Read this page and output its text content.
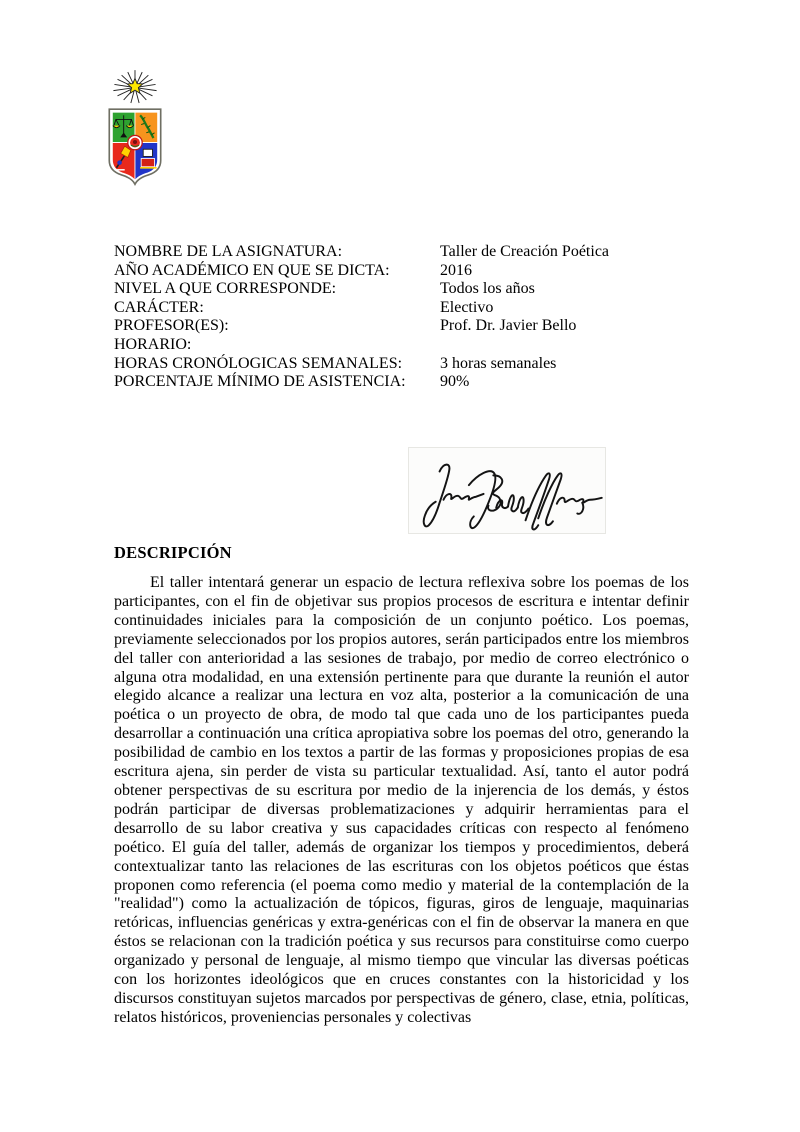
NOMBRE DE LA ASIGNATURA:	Taller de Creación Poética
AÑO ACADÉMICO EN QUE SE DICTA:	2016
NIVEL A QUE CORRESPONDE:	Todos los años
CARÁCTER:	Electivo
PROFESOR(ES):	Prof. Dr. Javier Bello
HORARIO:
HORAS CRONÓLOGICAS SEMANALES:	3 horas semanales
PORCENTAJE MÍNIMO DE ASISTENCIA:	90%
DESCRIPCIÓN

El taller intentará generar un espacio de lectura reflexiva sobre los poemas de los participantes, con el fin de objetivar sus propios procesos de escritura e intentar definir continuidades iniciales para la composición de un conjunto poético. Los poemas, previamente seleccionados por los propios autores, serán participados entre los miembros del taller con anterioridad a las sesiones de trabajo, por medio de correo electrónico o alguna otra modalidad, en una extensión pertinente para que durante la reunión el autor elegido alcance a realizar una lectura en voz alta, posterior a la comunicación de una poética o un proyecto de obra, de modo tal que cada uno de los participantes pueda desarrollar a continuación una crítica apropiativa sobre los poemas del otro, generando la posibilidad de cambio en los textos a partir de las formas y proposiciones propias de esa escritura ajena, sin perder de vista su particular textualidad. Así, tanto el autor podrá obtener perspectivas de su escritura por medio de la injerencia de los demás, y éstos podrán participar de diversas problematizaciones y adquirir herramientas para el desarrollo de su labor creativa y sus capacidades críticas con respecto al fenómeno poético. El guía del taller, además de organizar los tiempos y procedimientos, deberá contextualizar tanto las relaciones de las escrituras con los objetos poéticos que éstas proponen como referencia (el poema como medio y material de la contemplación de la "realidad") como la actualización de tópicos, figuras, giros de lenguaje, maquinarias retóricas, influencias genéricas y extra-genéricas con el fin de observar la manera en que éstos se relacionan con la tradición poética y sus recursos para constituirse como cuerpo organizado y personal de lenguaje, al mismo tiempo que vincular las diversas poéticas con los horizontes ideológicos que en cruces constantes con la historicidad y los discursos constituyan sujetos marcados por perspectivas de género, clase, etnia, políticas, relatos históricos, proveniencias personales y colectivas
